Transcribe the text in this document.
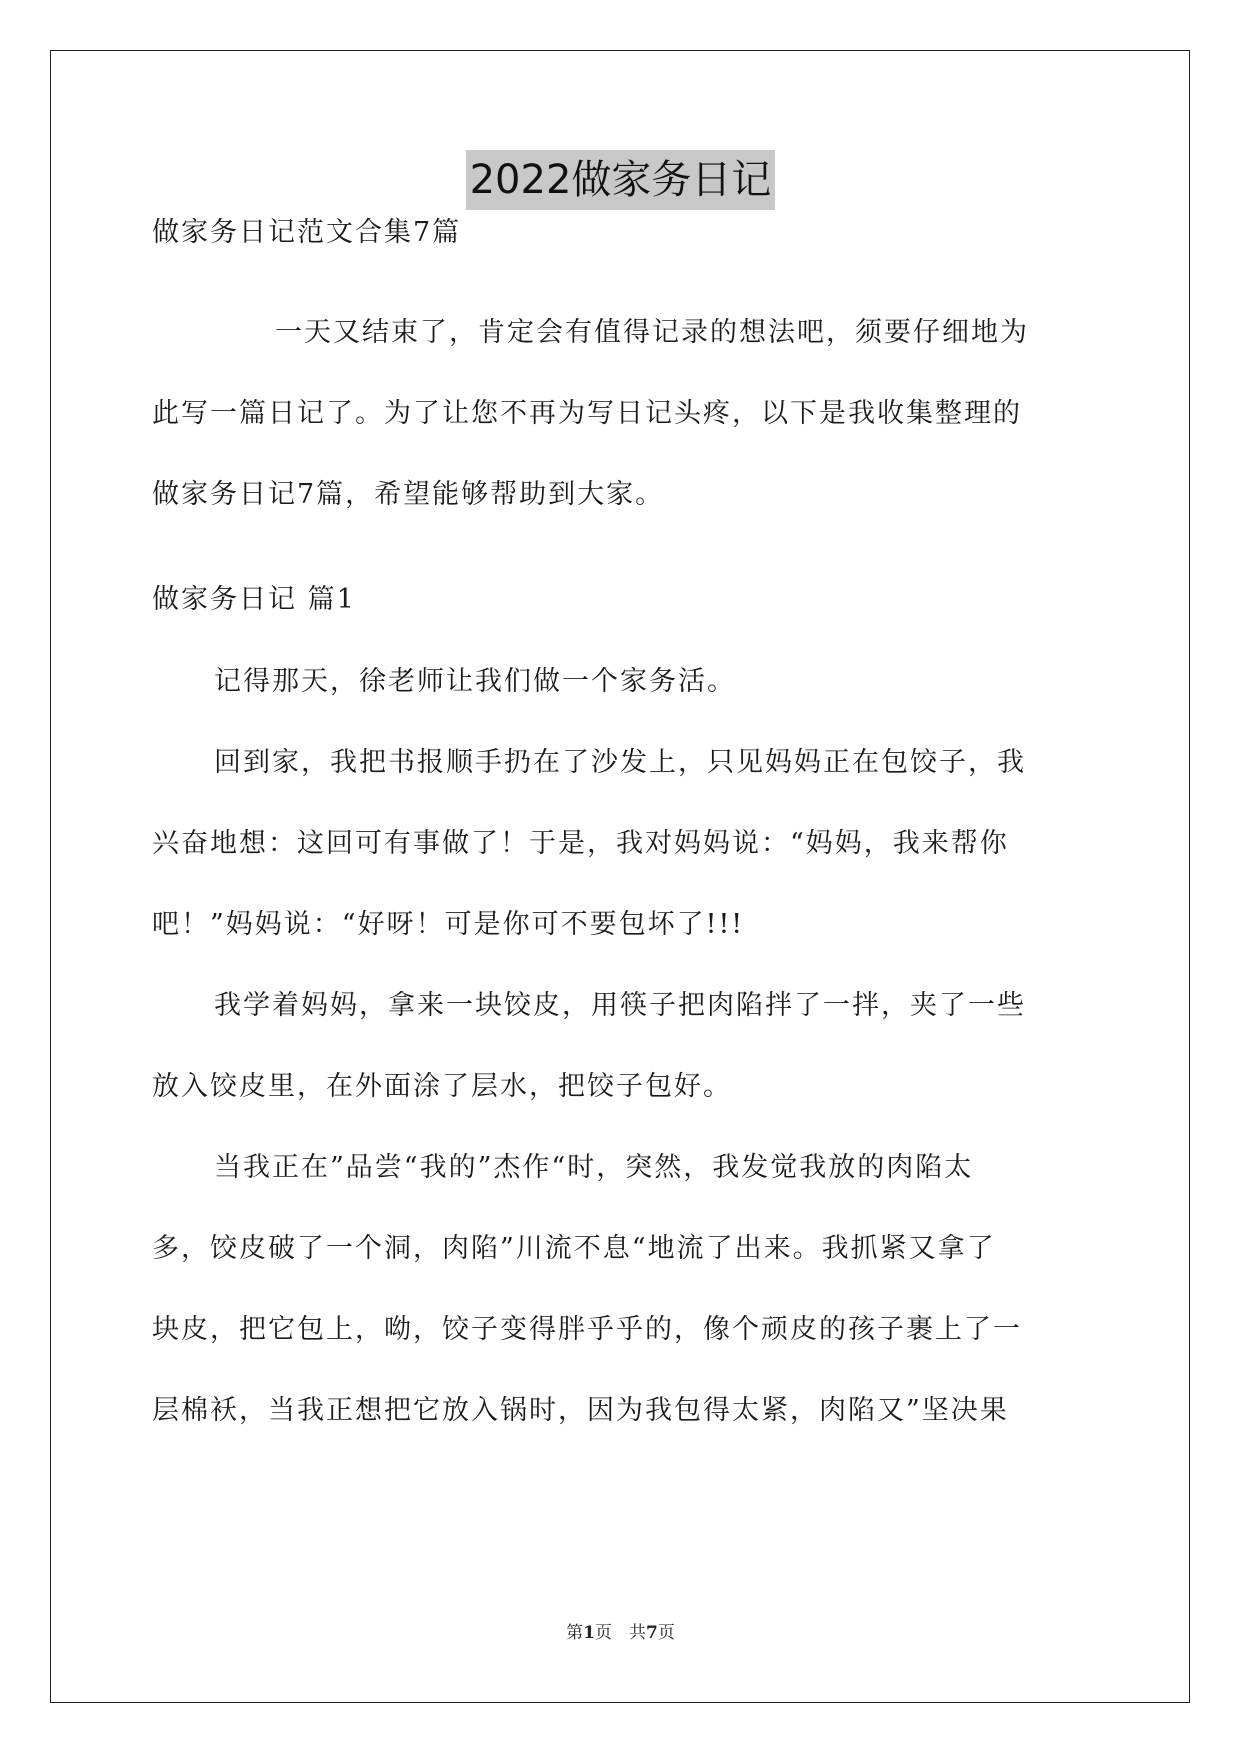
2022做家务日记
做家务日记范文合集7篇
一天又结束了，肯定会有值得记录的想法吧，须要仔细地为
此写一篇日记了。为了让您不再为写日记头疼，以下是我收集整理的
做家务日记7篇，希望能够帮助到大家。
做家务日记 篇1
记得那天，徐老师让我们做一个家务活。
回到家，我把书报顺手扔在了沙发上，只见妈妈正在包饺子，我
兴奋地想：这回可有事做了！于是，我对妈妈说：“妈妈，我来帮你
吧！”妈妈说：“好呀！可是你可不要包坏了!!!
我学着妈妈，拿来一块饺皮，用筷子把肉陷拌了一拌，夹了一些
放入饺皮里，在外面涂了层水，把饺子包好。
当我正在”品尝“我的”杰作“时，突然，我发觉我放的肉陷太
多，饺皮破了一个洞，肉陷”川流不息“地流了出来。我抓紧又拿了
块皮，把它包上，呦，饺子变得胖乎乎的，像个顽皮的孩子裹上了一
层棉袄，当我正想把它放入锅时，因为我包得太紧，肉陷又”坚决果
第1页　共7页
